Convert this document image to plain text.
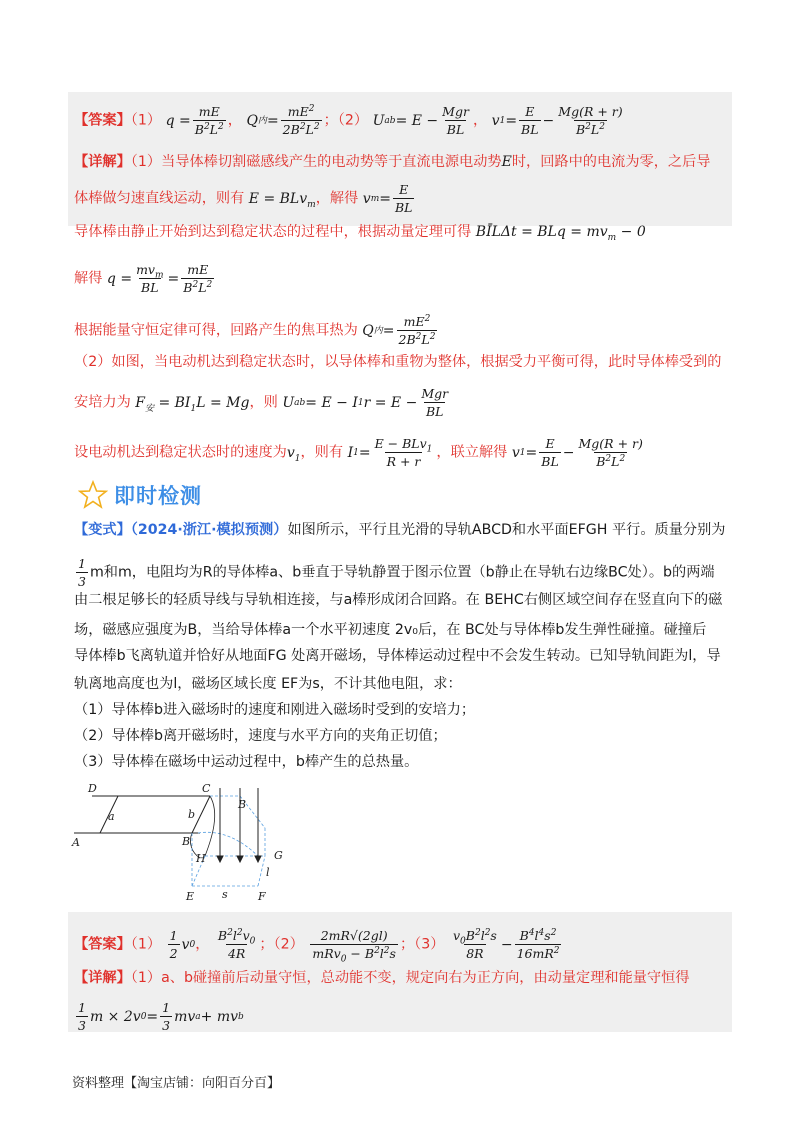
【答案】（1） $q = \frac{mE}{B^2L^2}$ ， Q 内 = $\frac{mE^2}{2B^2L^2}$ ；（2） U ab = $E - \frac{\text{Mgr}}{BL}$ ， v $1 = \frac{E}{BL} - \frac{Mg(R + r)}{B^2L^2}$
【详解】（1）当导体棒切割磁感线产生的电动势等于直流电源电动势E时，回路中的电流为零，之后导
体棒做匀速直线运动，则有 E = BLv$_m$，解得 v $m = \frac{E}{BL}$
导体棒由静止开始到达到稳定状态的过程中，根据动量定理可得 BĪLΔt = BLq = $mv_m - 0$
解得 $q = \frac{mv_m}{BL} = \frac{mE}{B^2L^2}$
根据能量守恒定律可得，回路产生的焦耳热为 Q 内 = $\frac{mE^2}{2B^2L^2}$
（2）如图，当电动机达到稳定状态时，以导体棒和重物为整体，根据受力平衡可得，此时导体棒受到的
安培力为 $F_安 = BI_1L = Mg$，则 U ab = E − I 1 $r = E - \frac{\text{Mgr}}{BL}$
设电动机达到稳定状态时的速度为$v_1$，则有 I $1 = \frac{E - BLv_1}{R + r}$ ，联立解得 v $1 = \frac{E}{BL} - \frac{Mg(R + r)}{B^2L^2}$
即时检测
【变式】（2024·浙江·模拟预测）如图所示，平行且光滑的导轨ABCD和水平面EFGH 平行。质量分别为
$\frac{1}{3}$ m和m，电阻均为R的导体棒a、b垂直于导轨静置于图示位置（b静止在导轨右边缘BC处）。b的两端
由二根足够长的轻质导线与导轨相连接，与a棒形成闭合回路。在 BEHC右侧区域空间存在竖直向下的磁
场，磁感应强度为B，当给导体棒a一个水平初速度 2v₀后，在 BC处与导体棒b发生弹性碰撞。碰撞后
导体棒b飞离轨道并恰好从地面FG 处离开磁场，导体棒运动过程中不会发生转动。已知导轨间距为l，导
轨离地高度也为l，磁场区域长度 EF为s，不计其他电阻，求：
（1）导体棒b进入磁场时的速度和刚进入磁场时受到的安培力；
（2）导体棒b离开磁场时，速度与水平方向的夹角正切值；
（3）导体棒在磁场中运动过程中，b棒产生的总热量。
D	C
a	b
A	B
H
B
G
l
E	s	F
【答案】$(1) \frac{1}{2}$ v 0 ， $\frac{B^2l^2v_0}{4R}$ ；$(2) \frac{2mR√(2gl)}{mRv_0 - B^2l^2s}$ ；$(3) \frac{v_0B^2l^2s}{8R} - \frac{B^4l^4s^2}{16mR^2}$
【详解】（1）a、b碰撞前后动量守恒，总动能不变，规定向右为正方向，由动量定理和能量守恒得
$\frac{1}{3}$ m × 2v $0 = \frac{1}{3}$ mv a + mv b
资料整理【淘宝店铺：向阳百分百】
